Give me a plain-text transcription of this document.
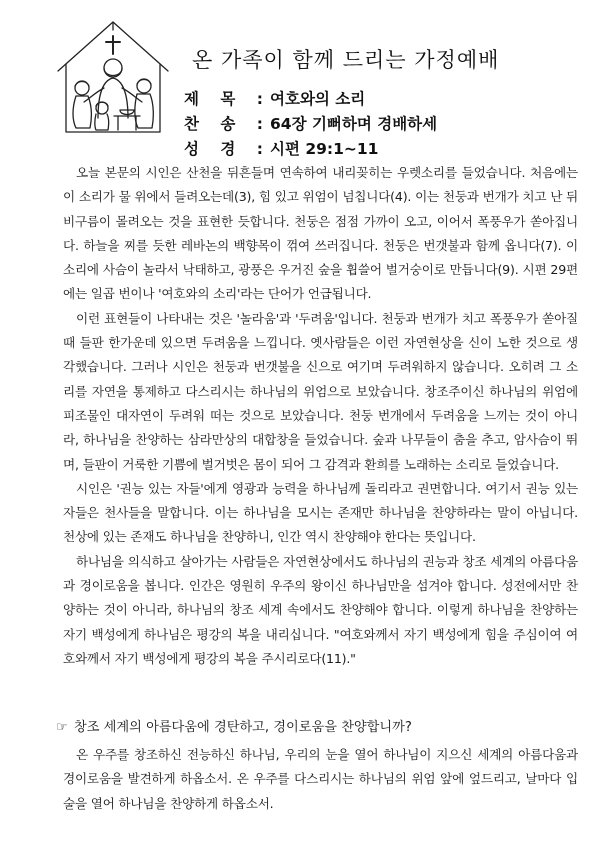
온 가족이 함께 드리는 가정예배
제 목 :여호와의 소리
찬 송 :64장 기뻐하며 경배하세
성 경 :시편 29:1~11

오늘 본문의 시인은 산천을 뒤흔들며 연속하여 내리꽂히는 우렛소리를 들었습니다. 처음에는 이 소리가 물 위에서 들려오는데(3), 힘 있고 위엄이 넘칩니다(4). 이는 천둥과 번개가 치고 난 뒤 비구름이 몰려오는 것을 표현한 듯합니다. 천둥은 점점 가까이 오고, 이어서 폭풍우가 쏟아집니다. 하늘을 찌를 듯한 레바논의 백향목이 꺾여 쓰러집니다. 천둥은 번갯불과 함께 옵니다(7). 이 소리에 사슴이 놀라서 낙태하고, 광풍은 우거진 숲을 휩쓸어 벌거숭이로 만듭니다(9). 시편 29편에는 일곱 번이나 '여호와의 소리'라는 단어가 언급됩니다.

이런 표현들이 나타내는 것은 '놀라움'과 '두려움'입니다. 천둥과 번개가 치고 폭풍우가 쏟아질 때 들판 한가운데 있으면 두려움을 느낍니다. 옛사람들은 이런 자연현상을 신이 노한 것으로 생각했습니다. 그러나 시인은 천둥과 번갯불을 신으로 여기며 두려워하지 않습니다. 오히려 그 소리를 자연을 통제하고 다스리시는 하나님의 위엄으로 보았습니다. 창조주이신 하나님의 위엄에 피조물인 대자연이 두려워 떠는 것으로 보았습니다. 천둥 번개에서 두려움을 느끼는 것이 아니라, 하나님을 찬양하는 삼라만상의 대합창을 들었습니다. 숲과 나무들이 춤을 추고, 암사슴이 뛰며, 들판이 거룩한 기쁨에 벌거벗은 몸이 되어 그 감격과 환희를 노래하는 소리로 들었습니다.

시인은 '권능 있는 자들'에게 영광과 능력을 하나님께 돌리라고 권면합니다. 여기서 권능 있는 자들은 천사들을 말합니다. 이는 하나님을 모시는 존재만 하나님을 찬양하라는 말이 아닙니다. 천상에 있는 존재도 하나님을 찬양하니, 인간 역시 찬양해야 한다는 뜻입니다.

하나님을 의식하고 살아가는 사람들은 자연현상에서도 하나님의 권능과 창조 세계의 아름다움과 경이로움을 봅니다. 인간은 영원히 우주의 왕이신 하나님만을 섬겨야 합니다. 성전에서만 찬양하는 것이 아니라, 하나님의 창조 세계 속에서도 찬양해야 합니다. 이렇게 하나님을 찬양하는 자기 백성에게 하나님은 평강의 복을 내리십니다. "여호와께서 자기 백성에게 힘을 주심이여 여호와께서 자기 백성에게 평강의 복을 주시리로다(11)."

☞ 창조 세계의 아름다움에 경탄하고, 경이로움을 찬양합니까?

온 우주를 창조하신 전능하신 하나님, 우리의 눈을 열어 하나님이 지으신 세계의 아름다움과 경이로움을 발견하게 하옵소서. 온 우주를 다스리시는 하나님의 위엄 앞에 엎드리고, 날마다 입술을 열어 하나님을 찬양하게 하옵소서.
